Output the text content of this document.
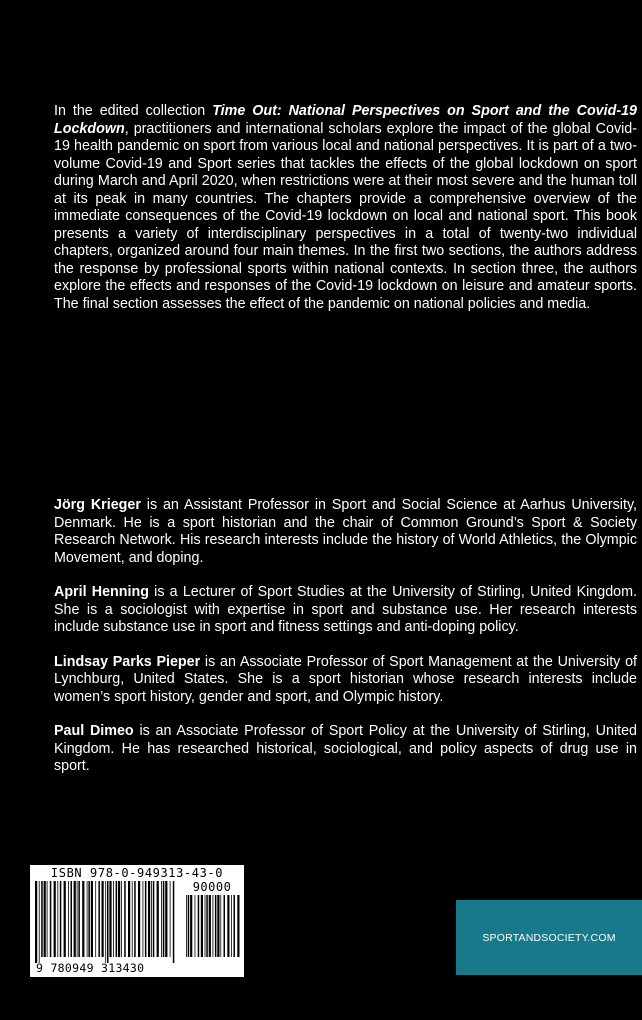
In the edited collection Time Out: National Perspectives on Sport and the Covid-19 Lockdown, practitioners and international scholars explore the impact of the global Covid-19 health pandemic on sport from various local and national perspectives. It is part of a two-volume Covid-19 and Sport series that tackles the effects of the global lockdown on sport during March and April 2020, when restrictions were at their most severe and the human toll at its peak in many countries. The chapters provide a comprehensive overview of the immediate consequences of the Covid-19 lockdown on local and national sport. This book presents a variety of interdisciplinary perspectives in a total of twenty-two individual chapters, organized around four main themes. In the first two sections, the authors address the response by professional sports within national contexts. In section three, the authors explore the effects and responses of the Covid-19 lockdown on leisure and amateur sports. The final section assesses the effect of the pandemic on national policies and media.

Jörg Krieger is an Assistant Professor in Sport and Social Science at Aarhus University, Denmark. He is a sport historian and the chair of Common Ground’s Sport & Society Research Network. His research interests include the history of World Athletics, the Olympic Movement, and doping.

April Henning is a Lecturer of Sport Studies at the University of Stirling, United Kingdom. She is a sociologist with expertise in sport and substance use. Her research interests include substance use in sport and fitness settings and anti-doping policy.

Lindsay Parks Pieper is an Associate Professor of Sport Management at the University of Lynchburg, United States. She is a sport historian whose research interests include women’s sport history, gender and sport, and Olympic history.

Paul Dimeo is an Associate Professor of Sport Policy at the University of Stirling, United Kingdom. He has researched historical, sociological, and policy aspects of drug use in sport.

ISBN 978-0-949313-43-0
90000
9 780949 313430
SPORTANDSOCIETY.COM
